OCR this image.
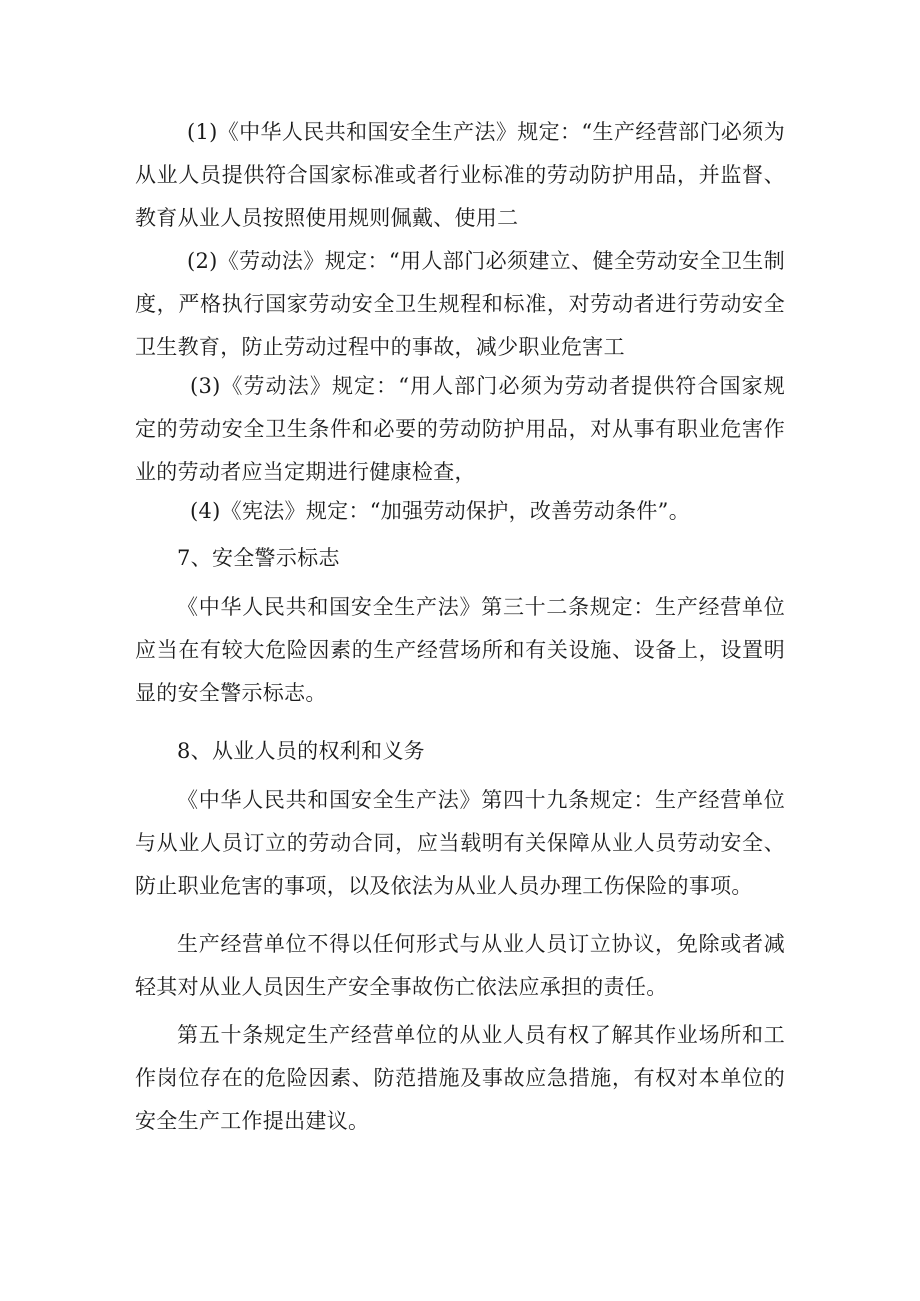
(1)《中华人民共和国安全生产法》规定：“生产经营部门必须为从业人员提供符合国家标准或者行业标准的劳动防护用品，并监督、教育从业人员按照使用规则佩戴、使用二

(2)《劳动法》规定：“用人部门必须建立、健全劳动安全卫生制度，严格执行国家劳动安全卫生规程和标准，对劳动者进行劳动安全卫生教育，防止劳动过程中的事故，减少职业危害工

(3)《劳动法》规定：“用人部门必须为劳动者提供符合国家规定的劳动安全卫生条件和必要的劳动防护用品，对从事有职业危害作业的劳动者应当定期进行健康检查，

(4)《宪法》规定：“加强劳动保护，改善劳动条件”。

7、安全警示标志

《中华人民共和国安全生产法》第三十二条规定：生产经营单位应当在有较大危险因素的生产经营场所和有关设施、设备上，设置明显的安全警示标志。

8、从业人员的权利和义务

《中华人民共和国安全生产法》第四十九条规定：生产经营单位与从业人员订立的劳动合同，应当载明有关保障从业人员劳动安全、防止职业危害的事项，以及依法为从业人员办理工伤保险的事项。

生产经营单位不得以任何形式与从业人员订立协议，免除或者减轻其对从业人员因生产安全事故伤亡依法应承担的责任。

第五十条规定生产经营单位的从业人员有权了解其作业场所和工作岗位存在的危险因素、防范措施及事故应急措施，有权对本单位的安全生产工作提出建议。
